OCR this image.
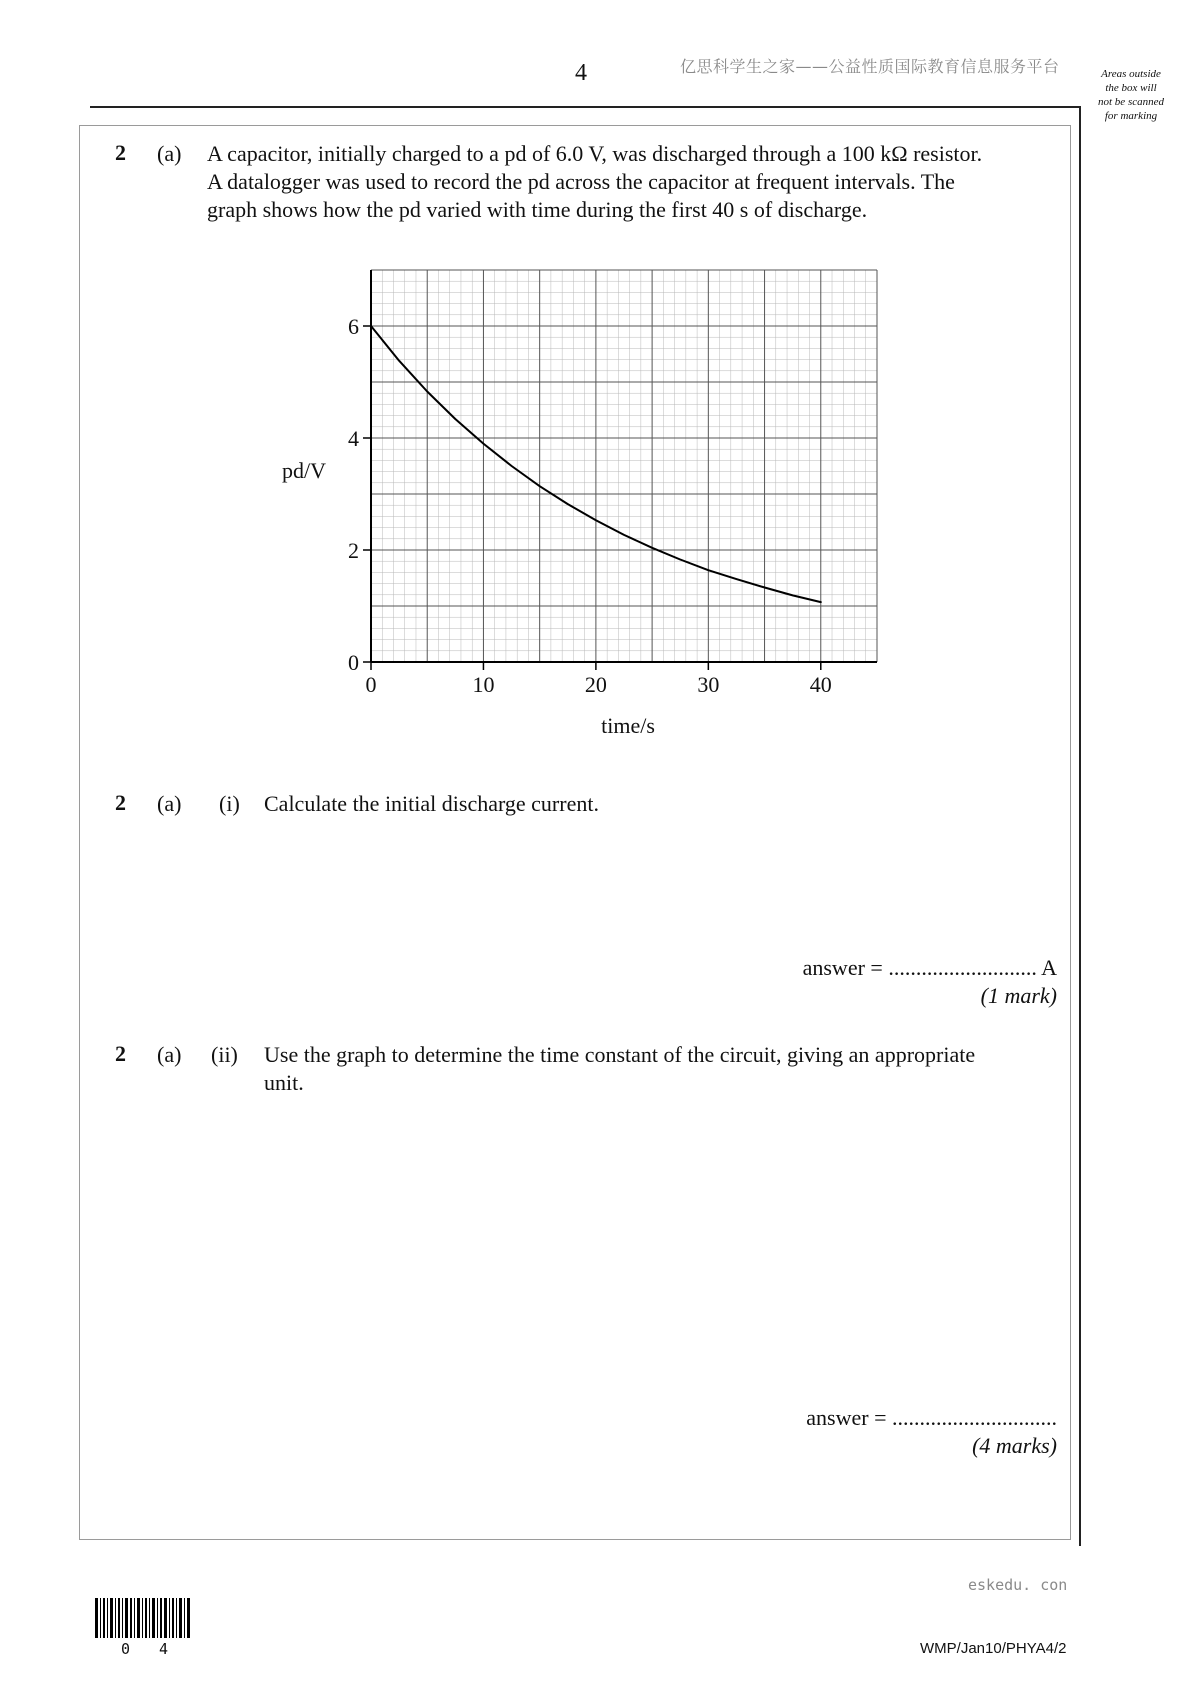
4	亿思科学生之家——公益性质国际教育信息服务平台	Areas outside
the box will
not be scanned
for marking
2 (a) A capacitor, initially charged to a pd of 6.0 V, was discharged through a 100 kΩ resistor.
A datalogger was used to record the pd across the capacitor at frequent intervals. The
graph shows how the pd varied with time during the first 40 s of discharge.
0	10	20	30	40
0
2
4
6
time/s
pd/V
2 (a) (i) Calculate the initial discharge current.
answer = ........................... A
(1 mark)
2 (a) (ii) Use the graph to determine the time constant of the circuit, giving an appropriate
unit.
answer = ..............................
(4 marks)
eskedu. con
0 4	WMP/Jan10/PHYA4/2
